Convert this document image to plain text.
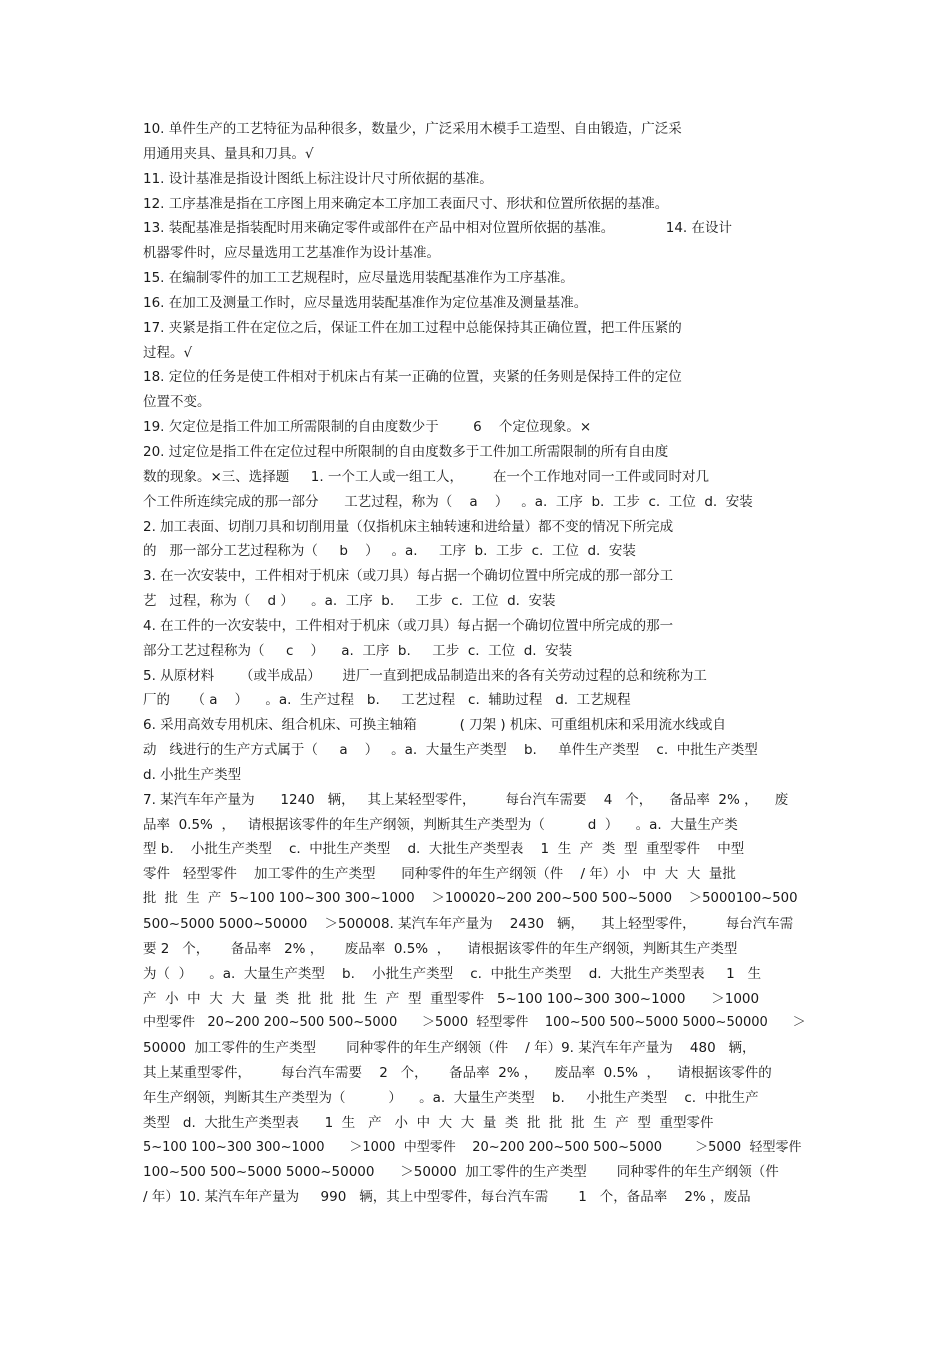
10. 单件生产的工艺特征为品种很多，数量少，广泛采用木模手工造型、自由锻造，广泛采
用通用夹具、量具和刀具。√
11. 设计基准是指设计图纸上标注设计尺寸所依据的基准。
12. 工序基准是指在工序图上用来确定本工序加工表面尺寸、形状和位置所依据的基准。
13. 装配基准是指装配时用来确定零件或部件在产品中相对位置所依据的基准。            14. 在设计
机器零件时，应尽量选用工艺基准作为设计基准。
15. 在编制零件的加工工艺规程时，应尽量选用装配基准作为工序基准。
16. 在加工及测量工作时，应尽量选用装配基准作为定位基准及测量基准。
17. 夹紧是指工件在定位之后，保证工件在加工过程中总能保持其正确位置，把工件压紧的
过程。√
18. 定位的任务是使工件相对于机床占有某一正确的位置，夹紧的任务则是保持工件的定位
位置不变。
19. 欠定位是指工件加工所需限制的自由度数少于        6    个定位现象。×
20. 过定位是指工件在定位过程中所限制的自由度数多于工件加工所需限制的所有自由度
数的现象。×三、选择题     1. 一个工人或一组工人，       在一个工作地对同一工件或同时对几
个工件所连续完成的那一部分      工艺过程，称为（    a    ）   。a.  工序  b.  工步  c.  工位  d.  安装
2. 加工表面、切削刀具和切削用量（仅指机床主轴转速和进给量）都不变的情况下所完成
的   那一部分工艺过程称为（     b    ）   。a.     工序  b.  工步  c.  工位  d.  安装
3. 在一次安装中，工件相对于机床（或刀具）每占据一个确切位置中所完成的那一部分工
艺   过程，称为（    d ）    。a.  工序  b.     工步  c.  工位  d.  安装
4. 在工件的一次安装中，工件相对于机床（或刀具）每占据一个确切位置中所完成的那一
部分工艺过程称为（     c    ）    a.  工序  b.     工步  c.  工位  d.  安装
5. 从原材料      （或半成品）     进厂一直到把成品制造出来的各有关劳动过程的总和统称为工
厂的     （ a    ）    。a.  生产过程   b.     工艺过程   c.  辅助过程   d.  工艺规程
6. 采用高效专用机床、组合机床、可换主轴箱          ( 刀架 ) 机床、可重组机床和采用流水线或自
动   线进行的生产方式属于（     a    ）   。a.  大量生产类型    b.     单件生产类型    c.  中批生产类型
d. 小批生产类型
7. 某汽车年产量为      1240   辆，   其上某轻型零件，       每台汽车需要    4   个，    备品率  2% ，    废
品率  0.5%  ，   请根据该零件的年生产纲领，判断其生产类型为（          d  ）    。a.  大量生产类
型 b.    小批生产类型    c.  中批生产类型    d.  大批生产类型表    1  生  产  类  型  重型零件    中型
零件   轻型零件    加工零件的生产类型      同种零件的年生产纲领（件    / 年）小   中  大  大  量批
批  批  生  产  5~100 100~300 300~1000    ＞100020~200 200~500 500~5000    ＞5000100~500
500~5000 5000~50000    ＞500008. 某汽车年产量为    2430   辆，    其上轻型零件，       每台汽车需
要 2   个，     备品率   2% ，     废品率  0.5%  ，    请根据该零件的年生产纲领，判断其生产类型
为（  ）    。a.  大量生产类型    b.    小批生产类型    c.  中批生产类型    d.  大批生产类型表     1   生
产  小  中  大  大  量  类  批  批  批  生  产  型  重型零件   5~100 100~300 300~1000      ＞1000
中型零件   20~200 200~500 500~5000      ＞5000  轻型零件    100~500 500~5000 5000~50000      ＞
50000  加工零件的生产类型       同种零件的年生产纲领（件    / 年）9. 某汽车年产量为    480   辆，
其上某重型零件，       每台汽车需要    2   个，     备品率  2% ，    废品率  0.5%  ，    请根据该零件的
年生产纲领，判断其生产类型为（          ）    。a.  大量生产类型    b.     小批生产类型    c.  中批生产
类型   d.  大批生产类型表      1  生   产   小  中  大  大  量  类  批  批  批  生  产  型  重型零件
5~100 100~300 300~1000      ＞1000  中型零件    20~200 200~500 500~5000        ＞5000  轻型零件
100~500 500~5000 5000~50000      ＞50000  加工零件的生产类型       同种零件的年生产纲领（件
/ 年）10. 某汽车年产量为     990   辆，其上中型零件，每台汽车需       1   个，备品率    2% ，废品
